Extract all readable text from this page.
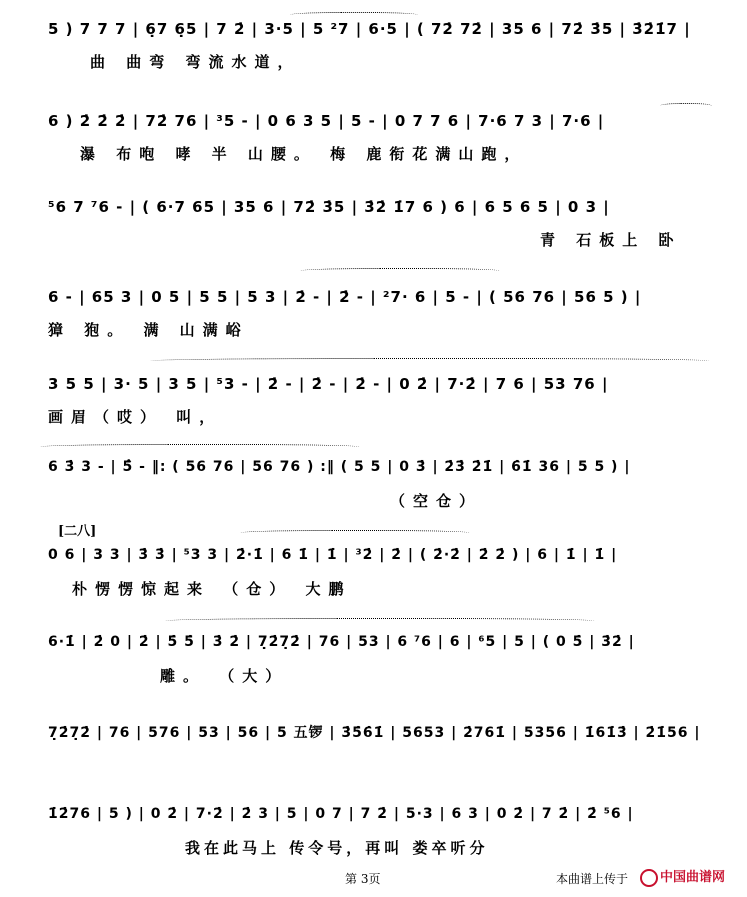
5 ) 7 7 7 | 6̣7 6̣5 | 7 2̇ | 3·5 | 5 ²7 | 6·5 | ( 72̇ 72̇ | 35 6 | 72̇ 3̇5 | 3̇2̇1̇7 |
曲 曲弯 弯流水道，
6 ) 2̇ 2̇ 2̇ | 72̇ 76 | ³5 - | 0 6 3 5 | 5 - | 0 7 7 6 | 7·6 7 3 | 7·6 |
瀑 布咆 哮 半 山腰。 梅 鹿衔花满山跑，
⁵6 7 ⁷6 - | ( 6·7 65 | 35 6 | 72̇ 3̇5 | 3̇2̇ 1̇7 6 ) 6 | 6 5 6 5 | 0 3 |
青 石板上 卧
6 - | 65 3 | 0 5 | 5 5 | 5 3 | 2̇ - | 2̇ - | ²7· 6 | 5 - | ( 56 76 | 56 5 ) |
獐 狍。 满 山满峪
3 5 5 | 3· 5 | 3 5 | ⁵3 - | 2̇ - | 2̇ - | 2̇ - | 0 2̇ | 7·2̇ | 7 6 | 53 76 |
画眉（哎） 叫，
6 3̇ 3 - | 5̂ - ‖: ( 56 76 | 56 76 ) :‖ ( 5 5 | 0 3̇ | 2̇3̇ 2̇1̇ | 6̇1̇ 36 | 5 5 ) |
（空仓）
[二八]
0 6 | 3 3 | 3̇ 3̇ | ⁵3 3 | 2̇·1̇ | 6 1̇ | 1̇ | ³2̇ | 2̇ | ( 2̇·2̇ | 2̇ 2̇ ) | 6 | 1̇ | 1̇ |
朴愣愣惊起来 （仓） 大鹏
6·1̇ | 2̇ 0 | 2̇ | 5̇ 5̇ | 3̇ 2̇ | 7̣2̇7̣2̇ | 76 | 53 | 6 ⁷6 | 6 | ⁶5 | 5 | ( 0 5̇ | 3̇2̇ |
雕。 （大）
7̣2̇7̣2̇ | 76 | 576 | 53 | 56 | 5 五锣 | 3̇5̇6̇1̇ | 5653 | 2̇761̇ | 5356 | 1̇61̇3̇ | 2̇1̇56 |
1̇2̇76 | 5 ) | 0 2̇ | 7·2̇ | 2̇ 3 | 5 | 0 7 | 7 2̇ | 5·3 | 6 3 | 0 2̇ | 7 2̇ | 2̇ ⁵6 |
我在此马上 传令号，再叫 娄卒听分
第 3页	本曲谱上传于	中国曲谱网
